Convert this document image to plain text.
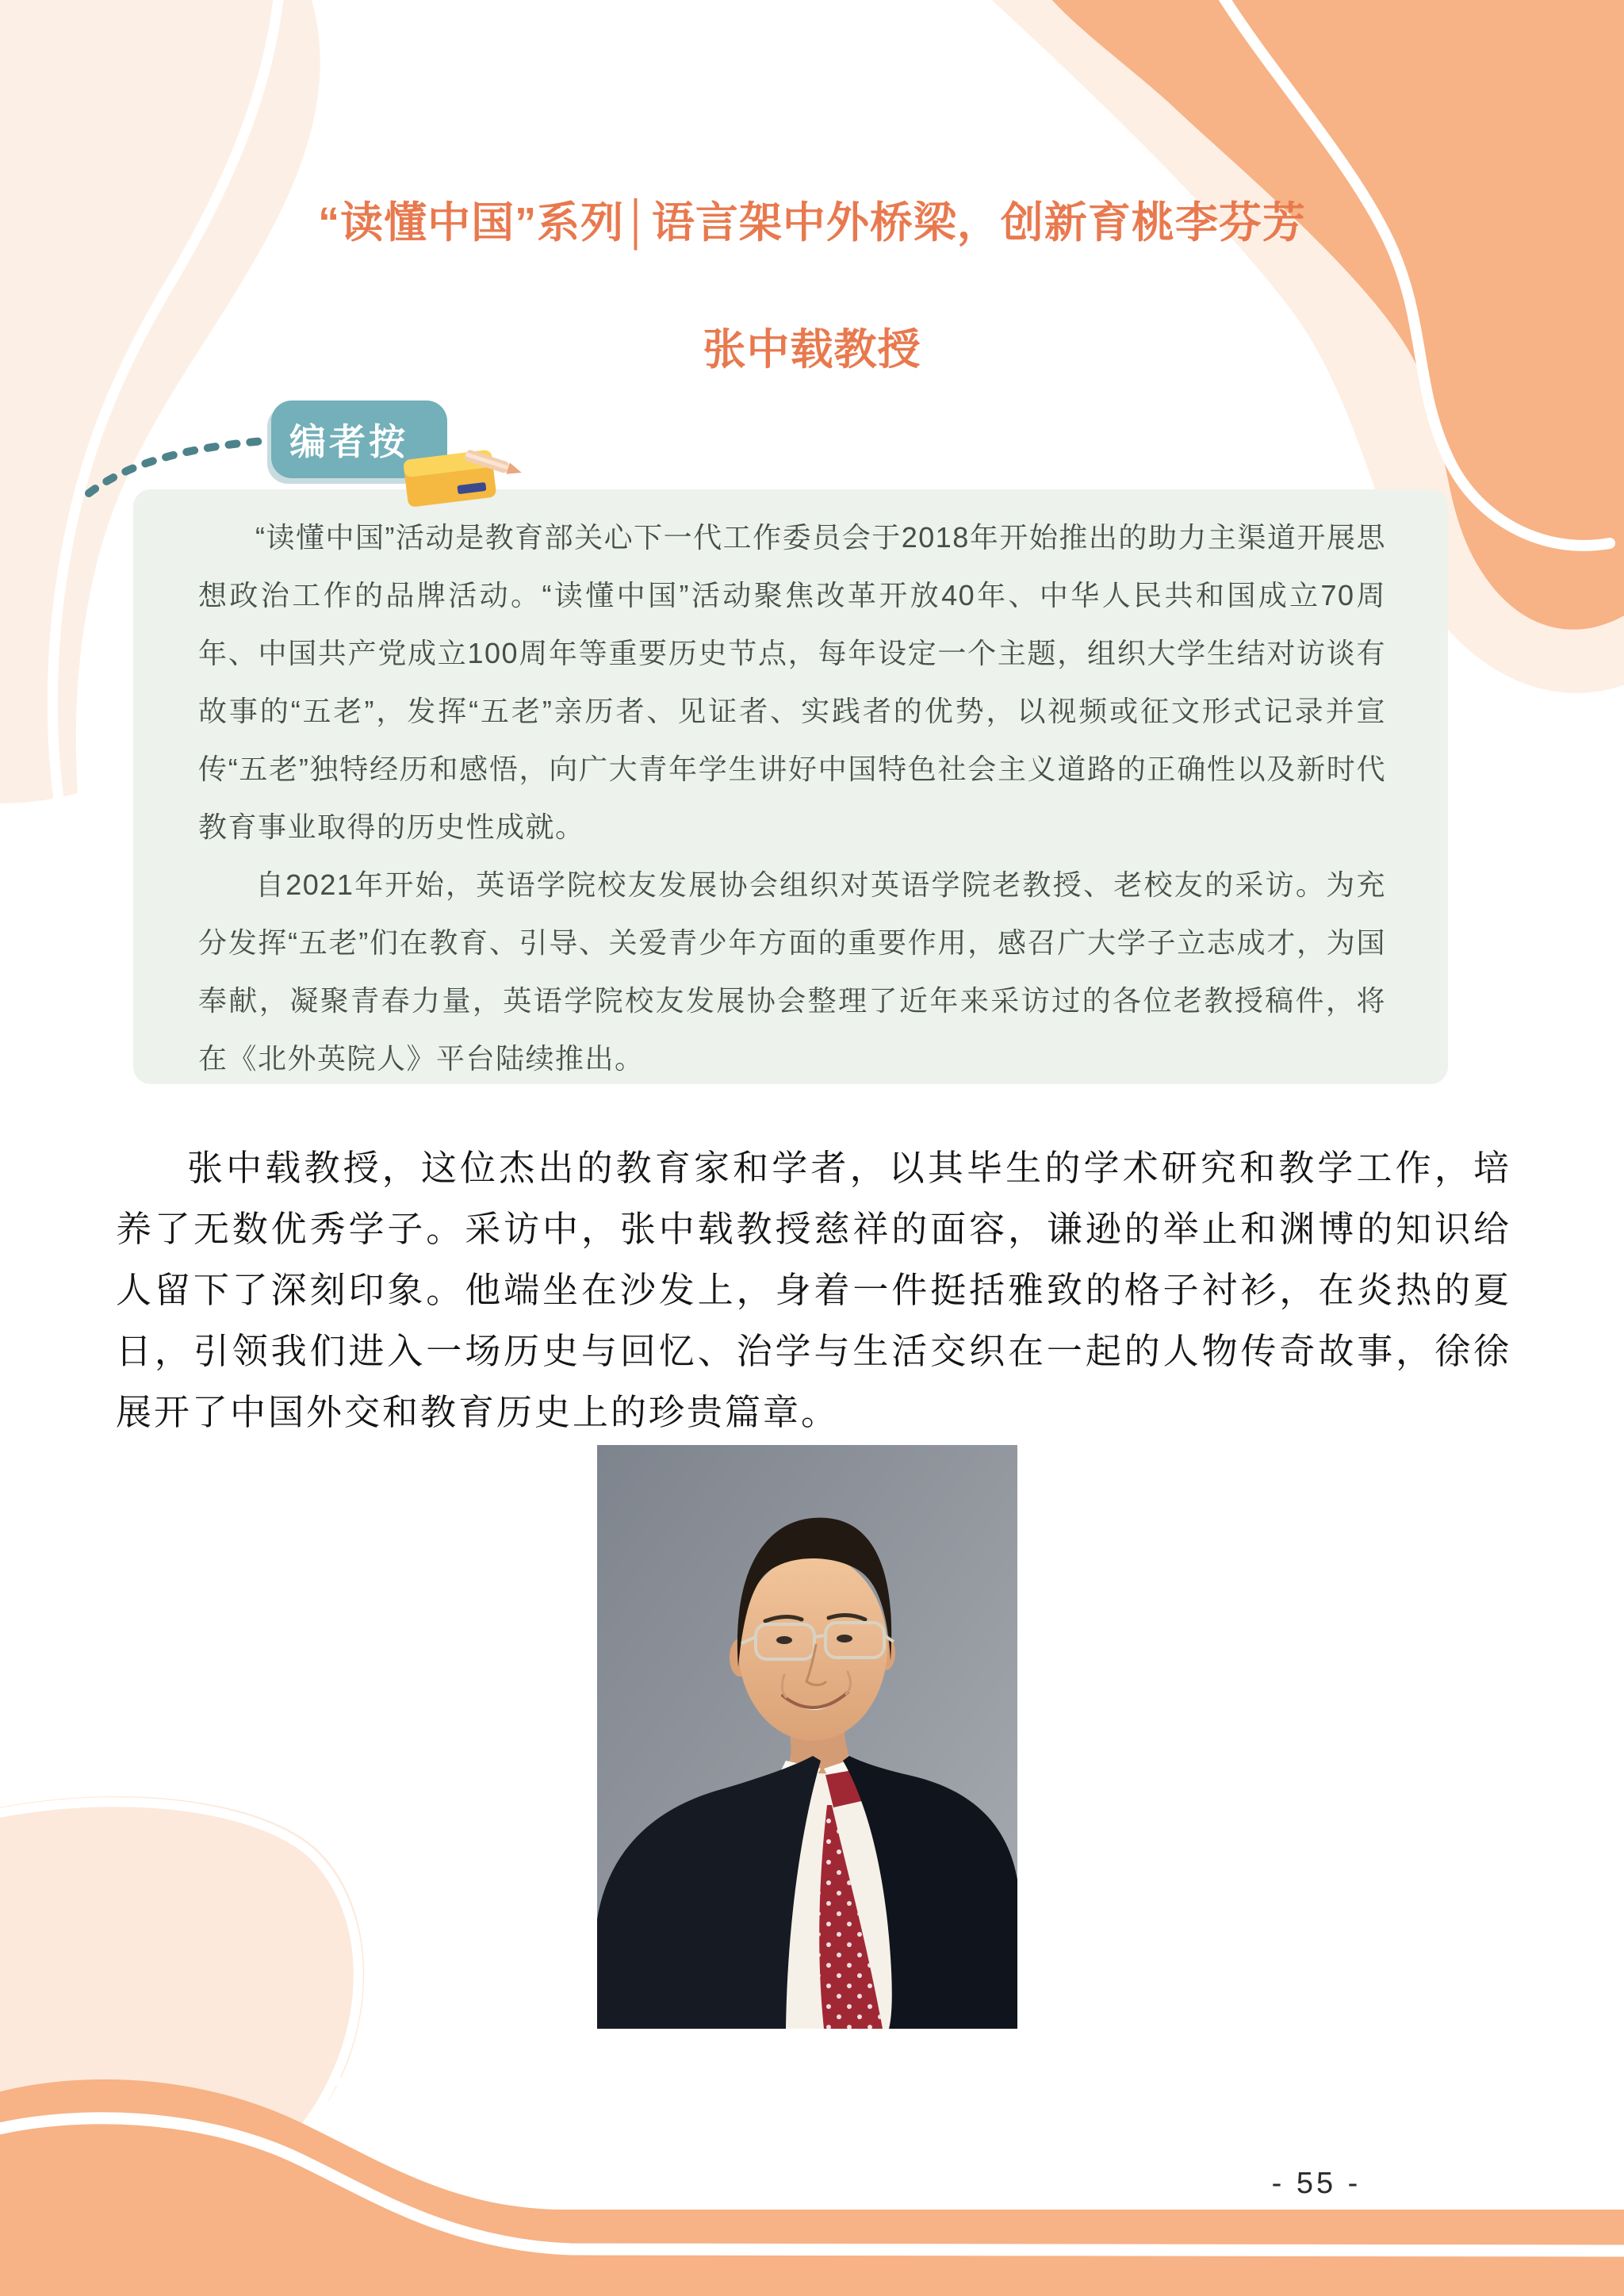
“读懂中国”系列│语言架中外桥梁，创新育桃李芬芳
张中载教授

“读懂中国”活动是教育部关心下一代工作委员会于2018年开始推出的助力主渠道开展思想政治工作的品牌活动。“读懂中国”活动聚焦改革开放40年、中华人民共和国成立70周年、中国共产党成立100周年等重要历史节点，每年设定一个主题，组织大学生结对访谈有故事的“五老”，发挥“五老”亲历者、见证者、实践者的优势，以视频或征文形式记录并宣传“五老”独特经历和感悟，向广大青年学生讲好中国特色社会主义道路的正确性以及新时代教育事业取得的历史性成就。

自2021年开始，英语学院校友发展协会组织对英语学院老教授、老校友的采访。为充分发挥“五老”们在教育、引导、关爱青少年方面的重要作用，感召广大学子立志成才，为国奉献，凝聚青春力量，英语学院校友发展协会整理了近年来采访过的各位老教授稿件，将在《北外英院人》平台陆续推出。

编者按
张中载教授，这位杰出的教育家和学者，以其毕生的学术研究和教学工作，培养了无数优秀学子。采访中，张中载教授慈祥的面容，谦逊的举止和渊博的知识给人留下了深刻印象。他端坐在沙发上，身着一件挺括雅致的格子衬衫，在炎热的夏日，引领我们进入一场历史与回忆、治学与生活交织在一起的人物传奇故事，徐徐展开了中国外交和教育历史上的珍贵篇章。
- 55 -
